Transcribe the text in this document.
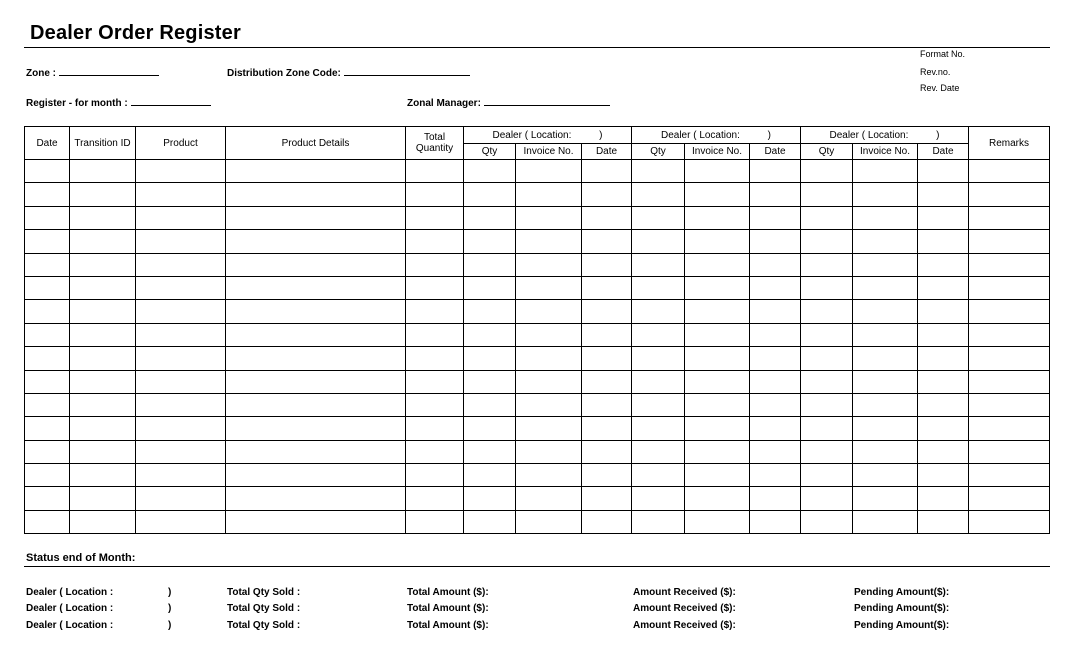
Dealer Order Register
Format No.
Rev.no.
Rev. Date
Zone :	Distribution Zone Code:
Register - for month :	Zonal Manager:
Date	Transition ID	Product	Product Details	Total
Quantity	Dealer ( Location:          )			Dealer ( Location:          )			Dealer ( Location:          )			Remarks
					Qty	Invoice No.	Date	Qty	Invoice No.	Date	Qty	Invoice No.	Date	

Status end of Month:
Dealer ( Location :	)	Total Qty Sold :	Total Amount ($):	Amount Received ($):	Pending Amount($):
Dealer ( Location :	)	Total Qty Sold :	Total Amount ($):	Amount Received ($):	Pending Amount($):
Dealer ( Location :	)	Total Qty Sold :	Total Amount ($):	Amount Received ($):	Pending Amount($):
